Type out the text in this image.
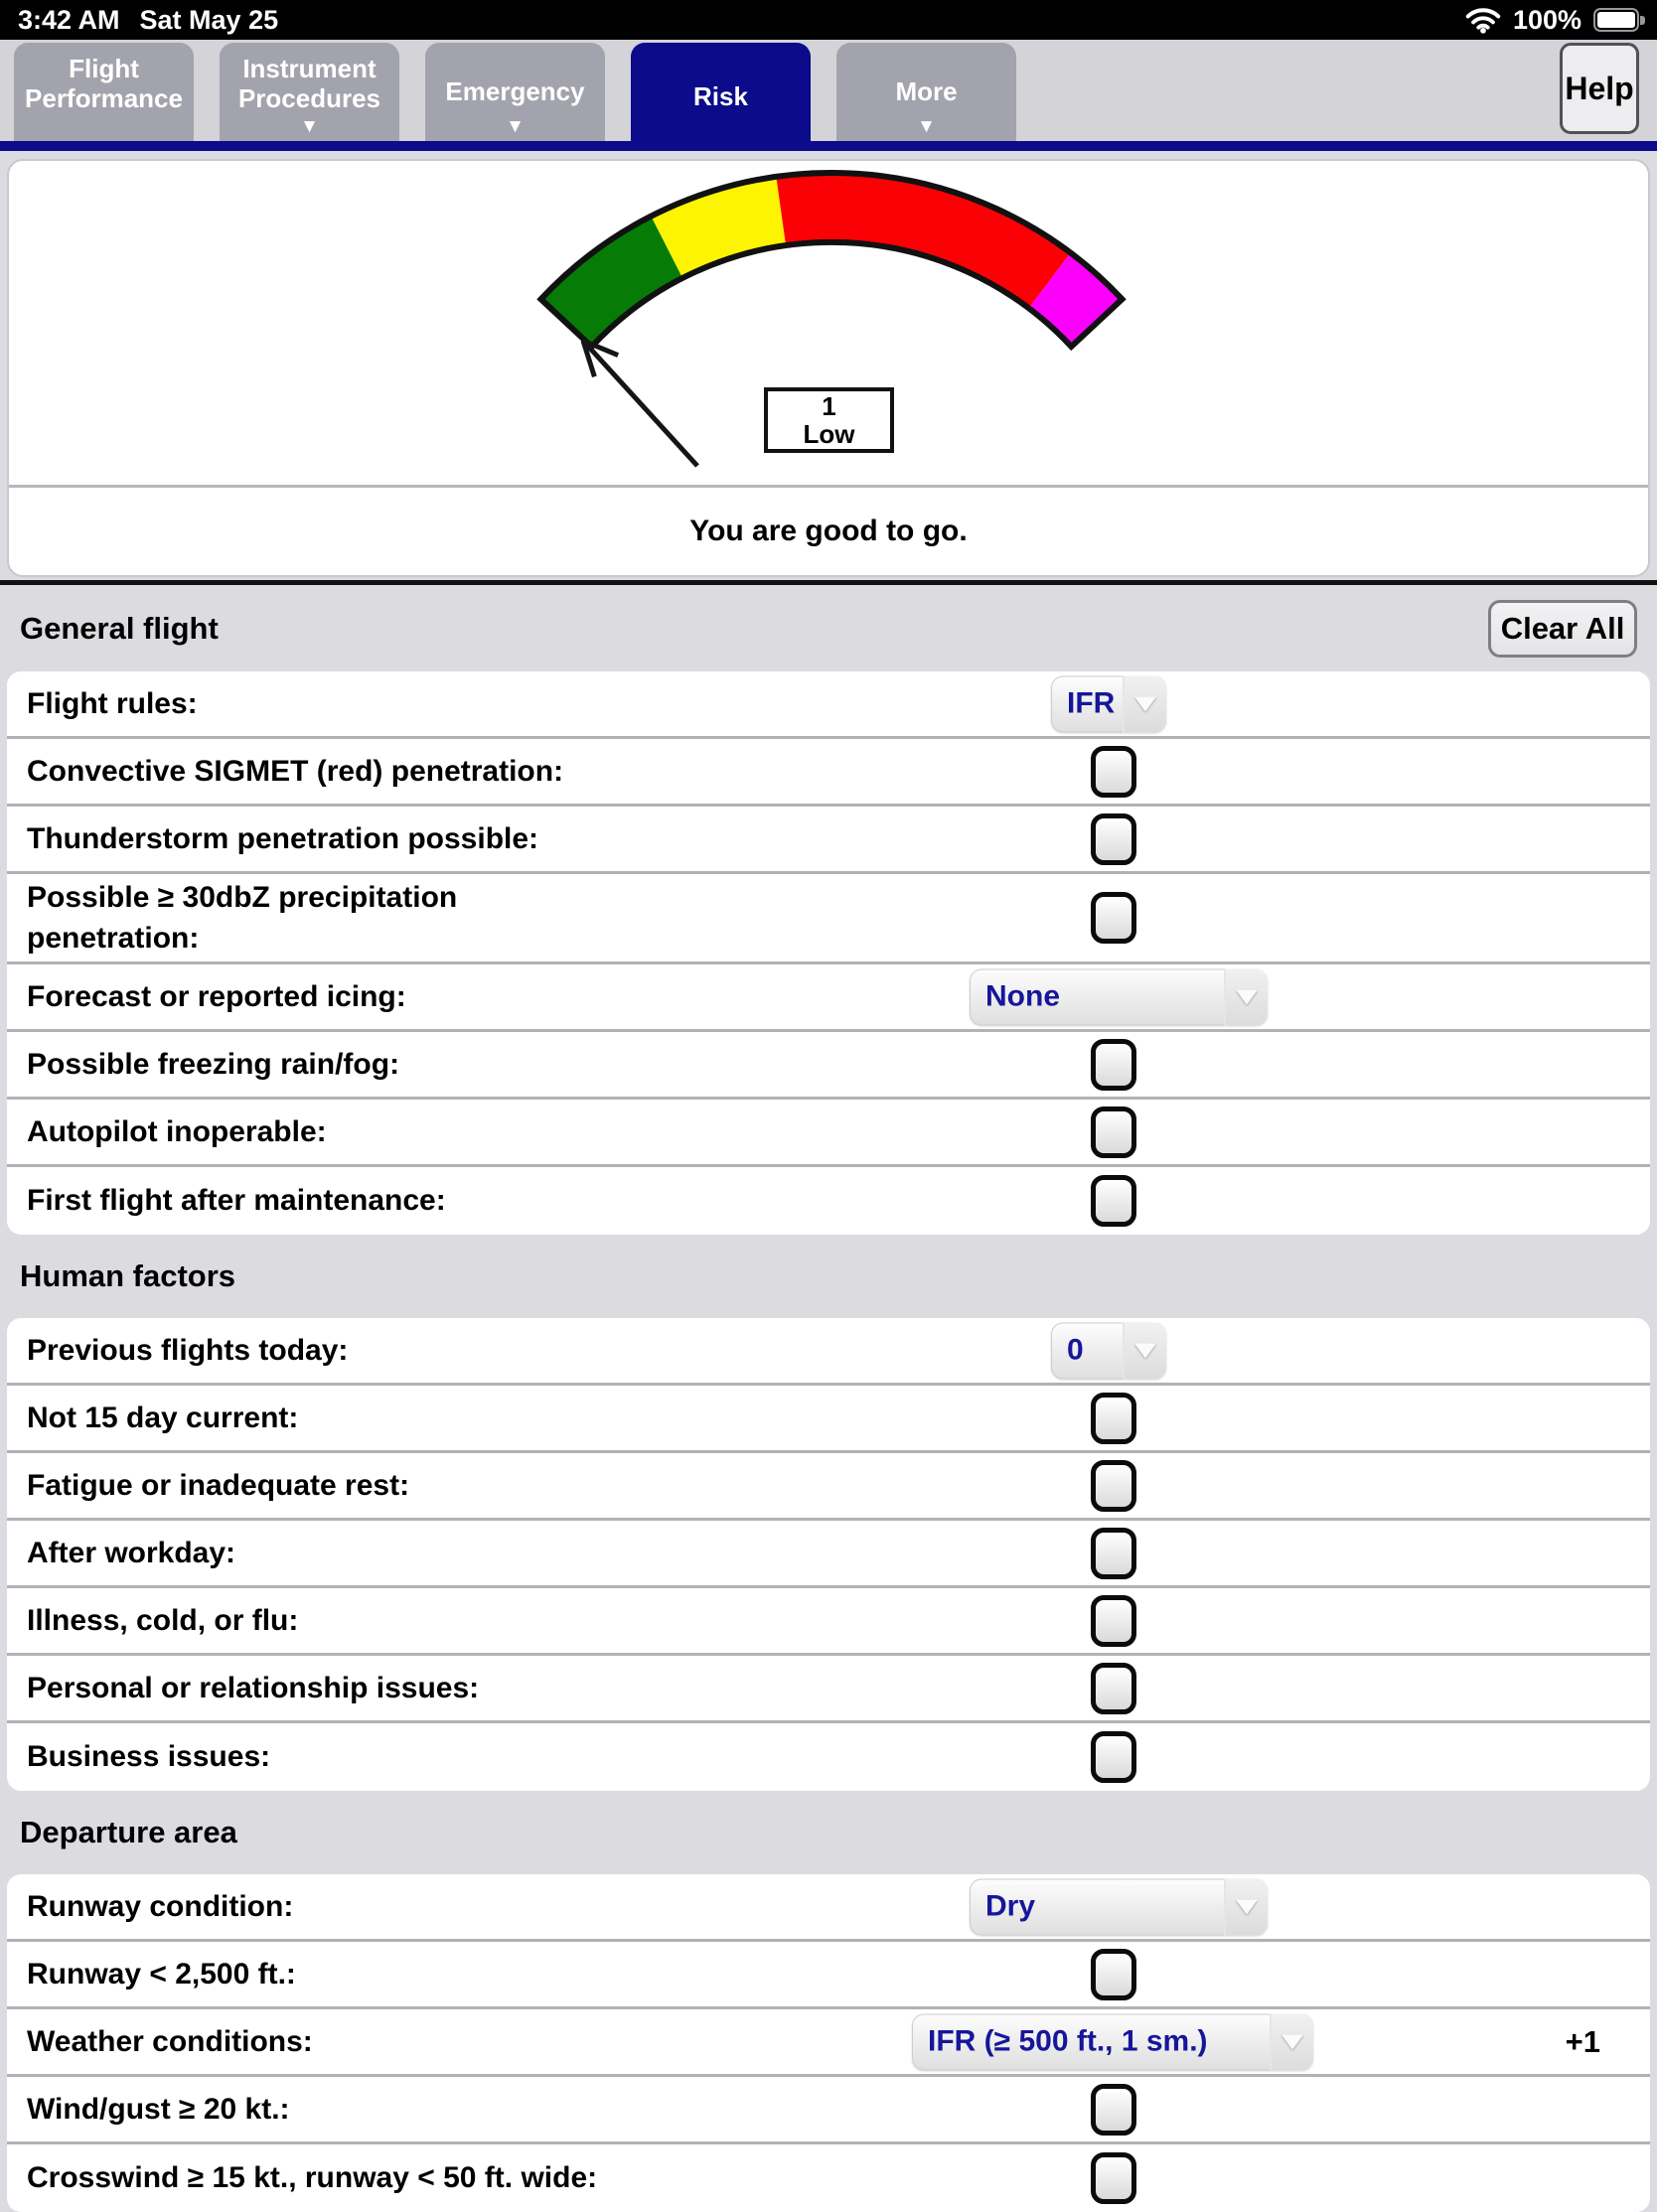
3:42 AM Sat May 25	100%
Flight Performance
Instrument Procedures
▼	Emergency
▼	Risk	More
▼	Help
1
Low
You are good to go.
General flight	Clear All
Flight rules:	IFR
Convective SIGMET (red) penetration:
Thunderstorm penetration possible:
Possible ≥ 30dbZ precipitation penetration:
Forecast or reported icing:	None
Possible freezing rain/fog:
Autopilot inoperable:
First flight after maintenance:
Human factors
Previous flights today:	0
Not 15 day current:
Fatigue or inadequate rest:
After workday:
Illness, cold, or flu:
Personal or relationship issues:
Business issues:
Departure area
Runway condition:	Dry
Runway < 2,500 ft.:
Weather conditions:	IFR (≥ 500 ft., 1 sm.)	+1
Wind/gust ≥ 20 kt.:
Crosswind ≥ 15 kt., runway < 50 ft. wide:
